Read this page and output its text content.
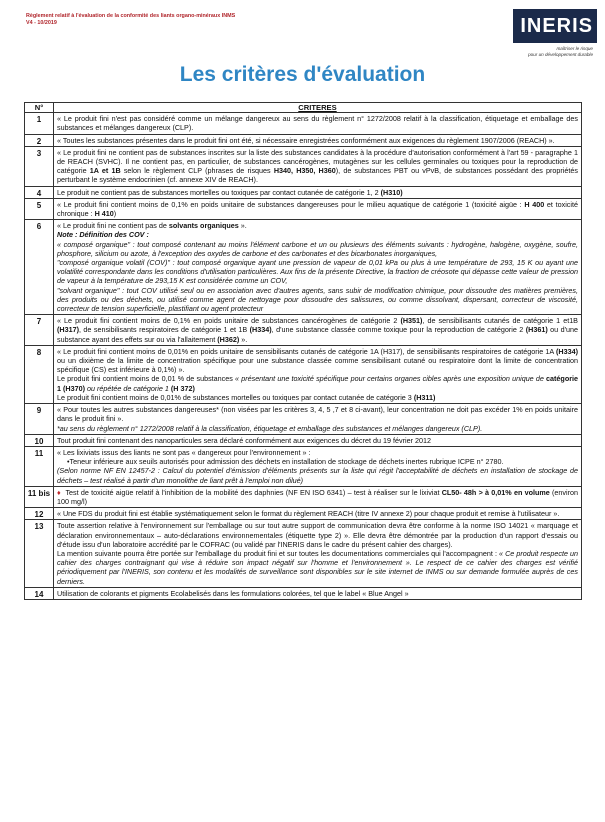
Règlement relatif à l'évaluation de la conformité des liants organo-minéraux INMS
V4 - 10/2019	INERIS
maîtriser le risque
pour un développement durable
Les critères d'évaluation
N°	CRITERES
1	« Le produit fini n'est pas considéré comme un mélange dangereux au sens du règlement n° 1272/2008 relatif à la classification, étiquetage et emballage des substances et mélanges dangereux (CLP).
2	« Toutes les substances présentes dans le produit fini ont été, si nécessaire enregistrées conformément aux exigences du règlement 1907/2006 (REACH) ».
3	« Le produit fini ne contient pas de substances inscrites sur la liste des substances candidates à la procédure d'autorisation conformément à l'art 59 - paragraphe 1 de REACH (SVHC). Il ne contient pas, en particulier, de substances cancérogènes, mutagènes sur les cellules germinales ou toxiques pour la reproduction de catégorie 1A et 1B selon le règlement CLP (phrases de risques H340, H350, H360), de substances PBT ou vPvB, de substances possédant des propriétés perturbant le système endocrinien (cf. annexe XIV de REACH).
4	Le produit ne contient pas de substances mortelles ou toxiques par contact cutanée de catégorie 1, 2 (H310)
5	« Le produit fini contient moins de 0,1% en poids unitaire de substances dangereuses pour le milieu aquatique de catégorie 1 (toxicité aigüe : H 400 et toxicité chronique : H 410)
6	« Le produit fini ne contient pas de solvants organiques ».
Note : Définition des COV :
« composé organique" : tout composé contenant au moins l'élément carbone et un ou plusieurs des éléments suivants : hydrogène, halogène, oxygène, soufre, phosphore, silicium ou azote, à l'exception des oxydes de carbone et des carbonates et des bicarbonates inorganiques,
"composé organique volatil (COV)" : tout composé organique ayant une pression de vapeur de 0,01 kPa ou plus à une température de 293, 15 K ou ayant une volatilité correspondante dans les conditions d'utilisation particulières. Aux fins de la présente Directive, la fraction de créosote qui dépasse cette valeur de pression de vapeur à la température de 293,15 K est considérée comme un COV,
"solvant organique" : tout COV utilisé seul ou en association avec d'autres agents, sans subir de modification chimique, pour dissoudre des matières premières, des produits ou des déchets, ou utilisé comme agent de nettoyage pour dissoudre des salissures, ou comme dissolvant, dispersant, correcteur de viscosité, correcteur de tension superficielle, plastifiant ou agent protecteur

7	« Le produit fini contient moins de 0,1% en poids unitaire de substances cancérogènes de catégorie 2 (H351), de sensibilisants cutanés de catégorie 1 et1B (H317), de sensibilisants respiratoires de catégorie 1 et 1B (H334), d'une substance classée comme toxique pour la reproduction de catégorie 2 (H361) ou d'une substance ayant des effets sur ou via l'allaitement (H362) ».
8	« Le produit fini contient moins de 0,01% en poids unitaire de sensibilisants cutanés de catégorie 1A (H317), de sensibilisants respiratoires de catégorie 1A (H334) ou un dixième de la limite de concentration spécifique pour une substance classée comme sensibilisant cutané ou respiratoire dont la limite de concentration spécifique (CS) est inférieure à 0,1%) ».
Le produit fini contient moins de 0,01 % de substances « présentant une toxicité spécifique pour certains organes cibles après une exposition unique de catégorie 1 (H370) ou répétée de catégorie 1 (H 372)
Le produit fini contient moins de 0,01% de substances mortelles ou toxiques par contact cutanée de catégorie 3 (H311)

9	« Pour toutes les autres substances dangereuses* (non visées par les critères 3, 4, 5 ,7 et 8 ci-avant), leur concentration ne doit pas excéder 1% en poids unitaire dans le produit fini ».
*au sens du règlement n° 1272/2008 relatif à la classification, étiquetage et emballage des substances et mélanges dangereux (CLP).

10	Tout produit fini contenant des nanoparticules sera déclaré conformément aux exigences du décret du 19 février 2012
11	« Les lixiviats issus des liants ne sont pas « dangereux pour l'environnement » :
•Teneur inférieure aux seuils autorisés pour admission des déchets en installation de stockage de déchets inertes rubrique ICPE n° 2780.
(Selon norme NF EN 12457-2 : Calcul du potentiel d'émission d'éléments présents sur la liste qui régit l'acceptabilité de déchets en installation de stockage de déchets – test réalisé à partir d'un monolithe de liant prêt à l'emploi non dilué)

11 bis	♦ Test de toxicité aigüe relatif à l'inhibition de la mobilité des daphnies (NF EN ISO 6341) – test à réaliser sur le lixiviat CL50- 48h > à 0,01% en volume (environ 100 mg/l)
12	« Une FDS du produit fini est établie systématiquement selon le format du règlement REACH (titre IV annexe 2) pour chaque produit et remise à l'utilisateur ».
13	Toute assertion relative à l'environnement sur l'emballage ou sur tout autre support de communication devra être conforme à la norme ISO 14021 « marquage et déclaration environnementaux – auto-déclarations environnementales (étiquette type 2) ». Elle devra être démontrée par la production d'un rapport d'essais ou d'étude issu d'un laboratoire accrédité par le COFRAC (ou validé par l'INERIS dans le cadre du présent cahier des charges).
La mention suivante pourra être portée sur l'emballage du produit fini et sur toutes les documentations commerciales qui l'accompagnent : « Ce produit respecte un cahier des charges contraignant qui vise à réduire son impact négatif sur l'homme et l'environnement ». Le respect de ce cahier des charges est vérifié périodiquement par l'INERIS, son contenu et les modalités de surveillance sont disponibles sur le site internet de INMS ou sur demande formulée auprès de ces derniers.

14	Utilisation de colorants et pigments Ecolabelisés dans les formulations colorées, tel que le label « Blue Angel »
